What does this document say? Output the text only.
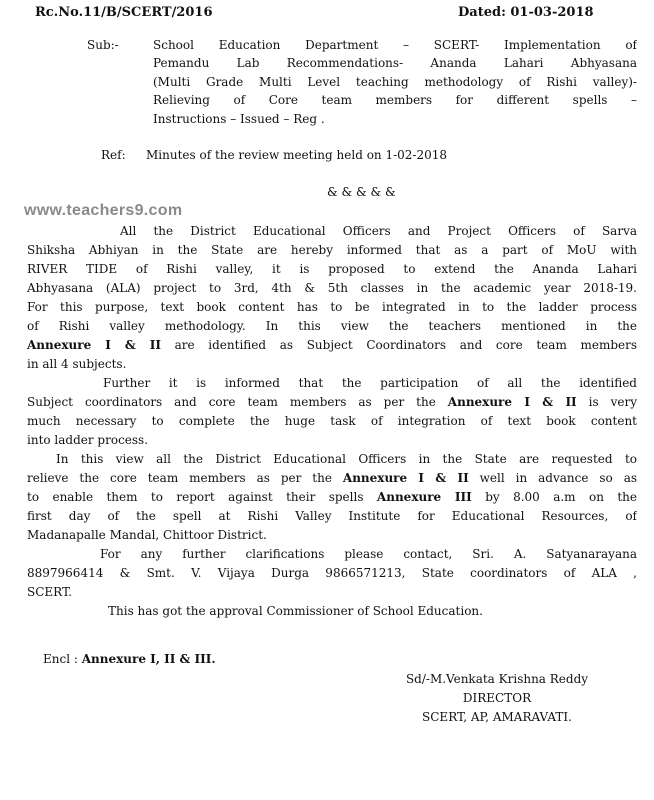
Rc.No.11/B/SCERT/2016	Dated: 01-03-2018
Sub:-	School Education Department – SCERT- Implementation of
Pemandu Lab Recommendations- Ananda Lahari Abhyasana
(Multi Grade Multi Level teaching methodology of Rishi valley)-
Relieving of Core team members for different spells –
Instructions – Issued – Reg .
Ref: Minutes of the review meeting held on 1-02-2018
& & & & &
www.teachers9.com
All the District Educational Officers and Project Officers of Sarva
Shiksha Abhiyan in the State are hereby informed that as a part of MoU with
RIVER TIDE of Rishi valley, it is proposed to extend the Ananda Lahari
Abhyasana (ALA) project to 3rd, 4th & 5th classes in the academic year 2018-19.
For this purpose, text book content has to be integrated in to the ladder process
of Rishi valley methodology. In this view the teachers mentioned in the
Annexure I & II are identified as Subject Coordinators and core team members
in all 4 subjects.
Further it is informed that the participation of all the identified
Subject coordinators and core team members as per the Annexure I & II is very
much necessary to complete the huge task of integration of text book content
into ladder process.
In this view all the District Educational Officers in the State are requested to
relieve the core team members as per the Annexure I & II well in advance so as
to enable them to report against their spells Annexure III by 8.00 a.m on the
first day of the spell at Rishi Valley Institute for Educational Resources, of
Madanapalle Mandal, Chittoor District.
For any further clarifications please contact, Sri. A. Satyanarayana
8897966414 & Smt. V. Vijaya Durga 9866571213, State coordinators of ALA ,
SCERT.
This has got the approval Commissioner of School Education.
Encl : Annexure I, II & III.
Sd/-M.Venkata Krishna Reddy
DIRECTOR
SCERT, AP, AMARAVATI.
